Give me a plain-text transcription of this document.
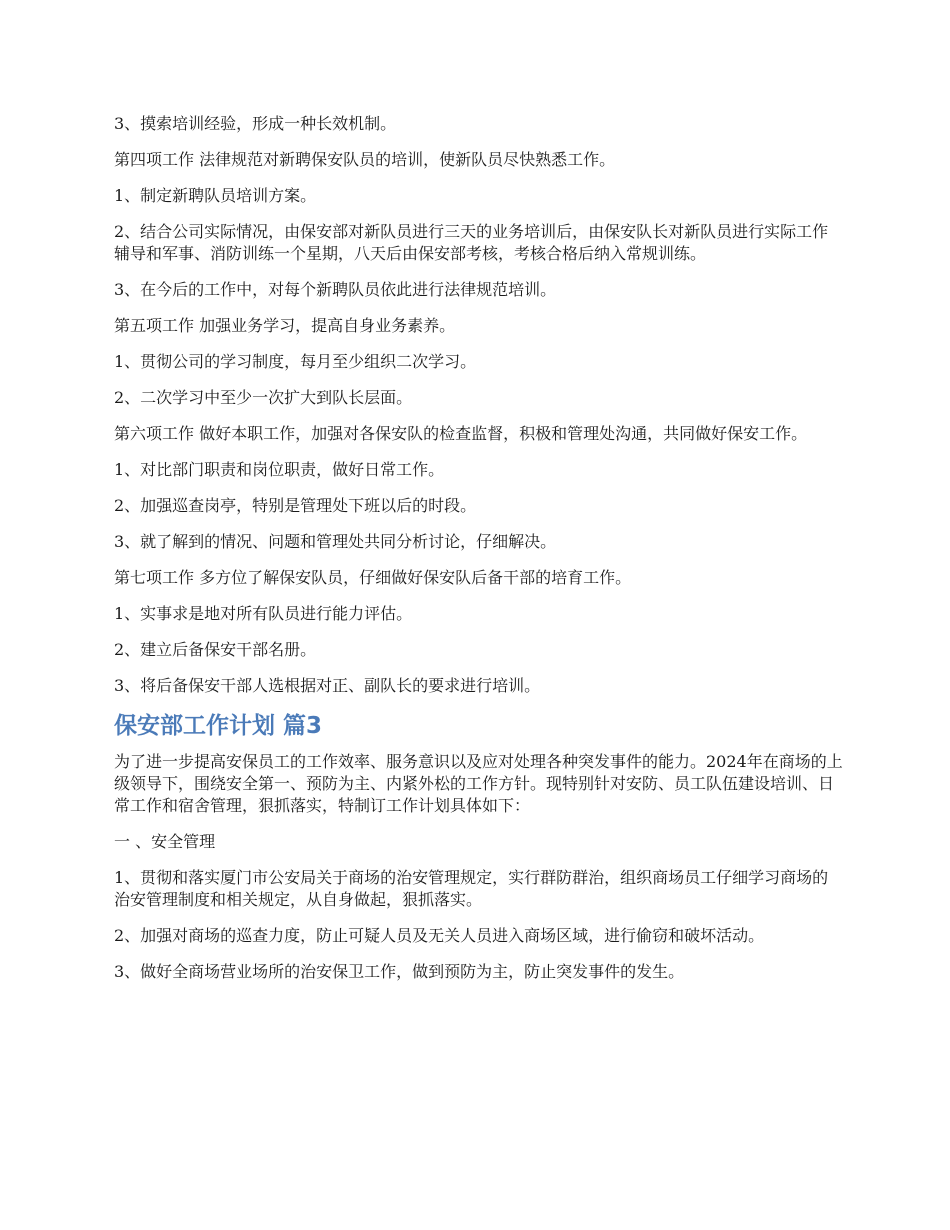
3、摸索培训经验，形成一种长效机制。

第四项工作 法律规范对新聘保安队员的培训，使新队员尽快熟悉工作。

1、制定新聘队员培训方案。

2、结合公司实际情况，由保安部对新队员进行三天的业务培训后，由保安队长对新队员进行实际工作辅导和军事、消防训练一个星期，八天后由保安部考核，考核合格后纳入常规训练。

3、在今后的工作中，对每个新聘队员依此进行法律规范培训。

第五项工作 加强业务学习，提高自身业务素养。

1、贯彻公司的学习制度，每月至少组织二次学习。

2、二次学习中至少一次扩大到队长层面。

第六项工作 做好本职工作，加强对各保安队的检查监督，积极和管理处沟通，共同做好保安工作。

1、对比部门职责和岗位职责，做好日常工作。

2、加强巡查岗亭，特别是管理处下班以后的时段。

3、就了解到的情况、问题和管理处共同分析讨论，仔细解决。

第七项工作 多方位了解保安队员，仔细做好保安队后备干部的培育工作。

1、实事求是地对所有队员进行能力评估。

2、建立后备保安干部名册。

3、将后备保安干部人选根据对正、副队长的要求进行培训。

保安部工作计划 篇3

为了进一步提高安保员工的工作效率、服务意识以及应对处理各种突发事件的能力。2024年在商场的上级领导下，围绕安全第一、预防为主、内紧外松的工作方针。现特别针对安防、员工队伍建设培训、日常工作和宿舍管理，狠抓落实，特制订工作计划具体如下：

一 、安全管理

1、贯彻和落实厦门市公安局关于商场的治安管理规定，实行群防群治，组织商场员工仔细学习商场的治安管理制度和相关规定，从自身做起，狠抓落实。

2、加强对商场的巡查力度，防止可疑人员及无关人员进入商场区域，进行偷窃和破坏活动。

3、做好全商场营业场所的治安保卫工作，做到预防为主，防止突发事件的发生。
